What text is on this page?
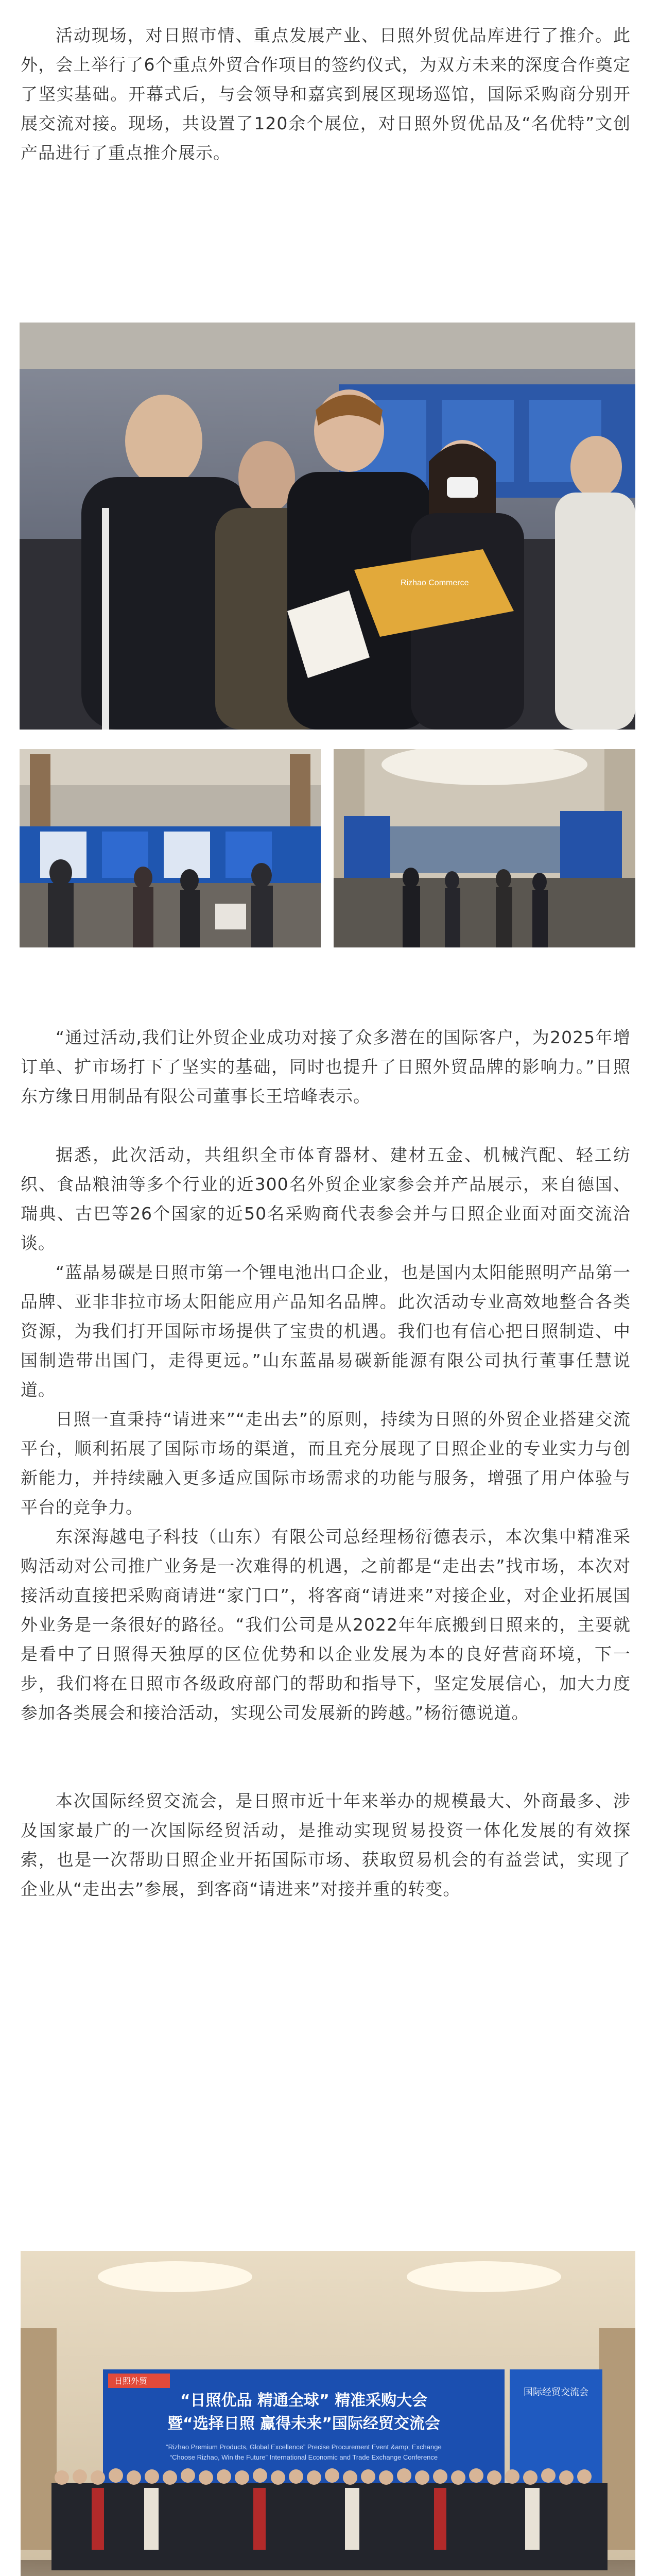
活动现场，对日照市情、重点发展产业、日照外贸优品库进行了推介。此外，会上举行了6个重点外贸合作项目的签约仪式，为双方未来的深度合作奠定了坚实基础。开幕式后，与会领导和嘉宾到展区现场巡馆，国际采购商分别开展交流对接。现场，共设置了120余个展位，对日照外贸优品及“名优特”文创产品进行了重点推介展示。

Rizhao Commerce

“通过活动,我们让外贸企业成功对接了众多潜在的国际客户，为2025年增订单、扩市场打下了坚实的基础，同时也提升了日照外贸品牌的影响力。”日照东方缘日用制品有限公司董事长王培峰表示。

据悉，此次活动，共组织全市体育器材、建材五金、机械汽配、轻工纺织、食品粮油等多个行业的近300名外贸企业家参会并产品展示，来自德国、瑞典、古巴等26个国家的近50名采购商代表参会并与日照企业面对面交流洽谈。

“蓝晶易碳是日照市第一个锂电池出口企业，也是国内太阳能照明产品第一品牌、亚非非拉市场太阳能应用产品知名品牌。此次活动专业高效地整合各类资源，为我们打开国际市场提供了宝贵的机遇。我们也有信心把日照制造、中国制造带出国门，走得更远。”山东蓝晶易碳新能源有限公司执行董事任慧说道。

日照一直秉持“请进来”“走出去”的原则，持续为日照的外贸企业搭建交流平台，顺利拓展了国际市场的渠道，而且充分展现了日照企业的专业实力与创新能力，并持续融入更多适应国际市场需求的功能与服务，增强了用户体验与平台的竞争力。

东深海越电子科技（山东）有限公司总经理杨衍德表示，本次集中精准采购活动对公司推广业务是一次难得的机遇，之前都是“走出去”找市场，本次对接活动直接把采购商请进“家门口”，将客商“请进来”对接企业，对企业拓展国外业务是一条很好的路径。“我们公司是从2022年年底搬到日照来的，主要就是看中了日照得天独厚的区位优势和以企业发展为本的良好营商环境，下一步，我们将在日照市各级政府部门的帮助和指导下，坚定发展信心，加大力度参加各类展会和接洽活动，实现公司发展新的跨越。”杨衍德说道。

本次国际经贸交流会，是日照市近十年来举办的规模最大、外商最多、涉及国家最广的一次国际经贸活动，是推动实现贸易投资一体化发展的有效探索，也是一次帮助日照企业开拓国际市场、获取贸易机会的有益尝试，实现了企业从“走出去”参展，到客商“请进来”对接并重的转变。

日照外贸
“日照优品 精通全球” 精准采购大会
暨“选择日照 赢得未来”国际经贸交流会
“Rizhao Premium Products, Global Excellence” Precise Procurement Event &amp; Exchange
“Choose Rizhao, Win the Future” International Economic and Trade Exchange Conference
国际经贸交流会
